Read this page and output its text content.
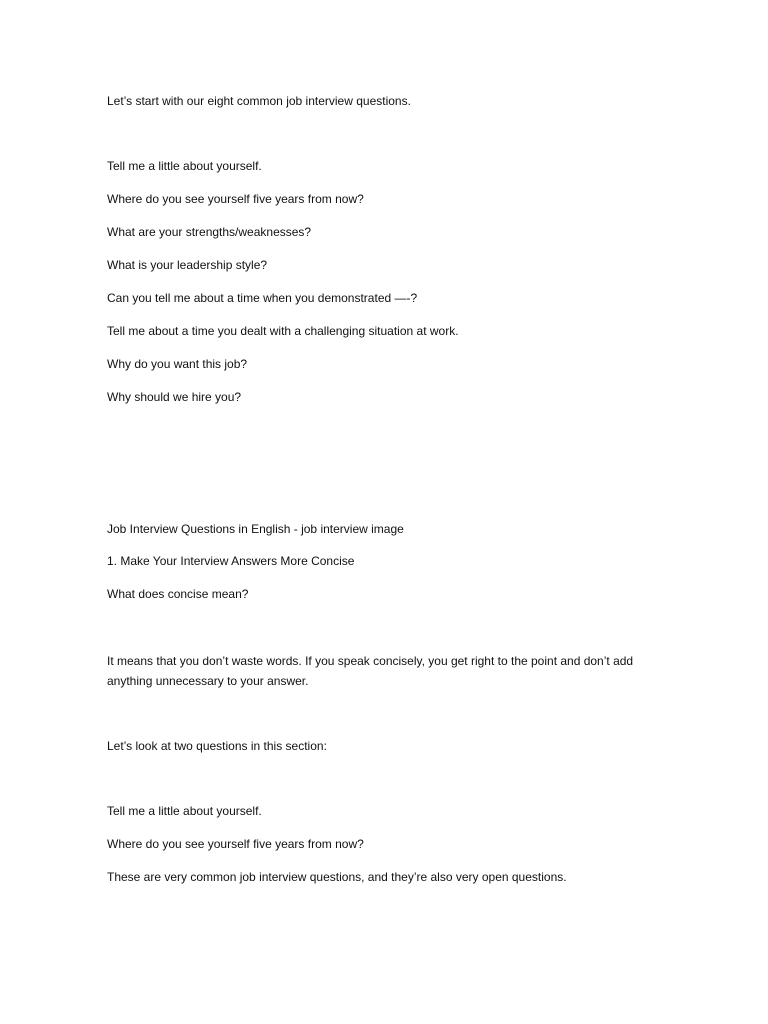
Let’s start with our eight common job interview questions.
Tell me a little about yourself.
Where do you see yourself five years from now?
What are your strengths/weaknesses?
What is your leadership style?
Can you tell me about a time when you demonstrated —-?
Tell me about a time you dealt with a challenging situation at work.
Why do you want this job?
Why should we hire you?
Job Interview Questions in English - job interview image
1. Make Your Interview Answers More Concise
What does concise mean?
It means that you don’t waste words. If you speak concisely, you get right to the point and don’t add anything unnecessary to your answer.
Let’s look at two questions in this section:
Tell me a little about yourself.
Where do you see yourself five years from now?
These are very common job interview questions, and they’re also very open questions.
